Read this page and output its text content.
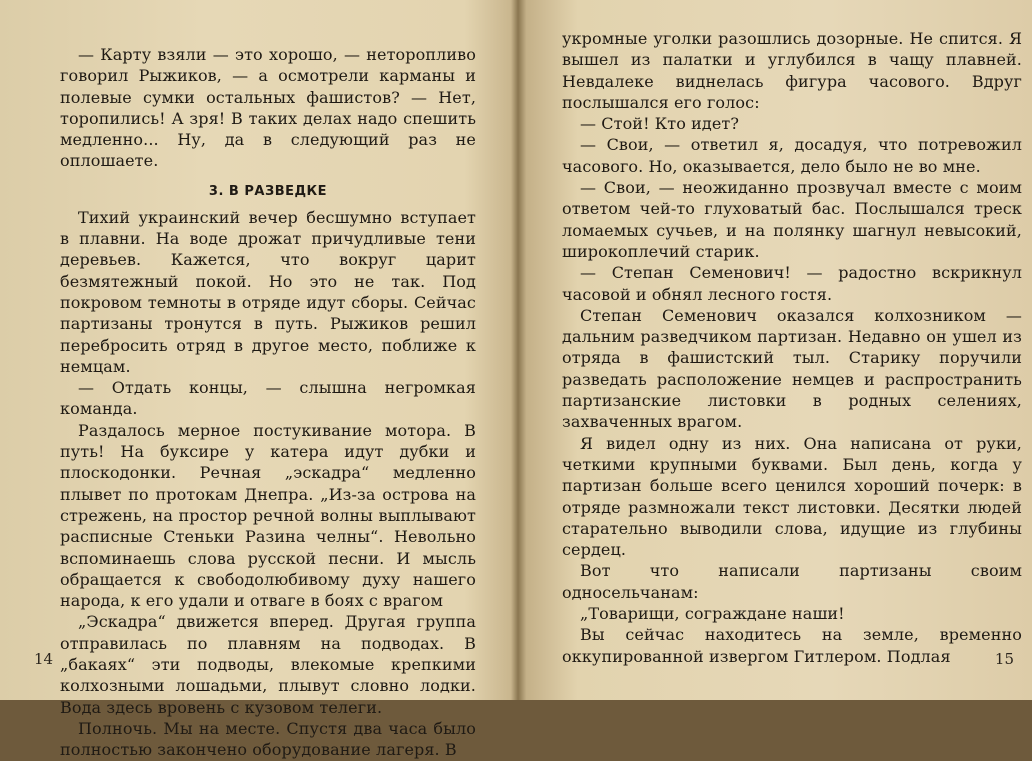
— Карту взяли — это хорошо, — неторопливо говорил Рыжиков, — а осмотрели карманы и полевые сумки остальных фашистов? — Нет, торопились! А зря! В таких делах надо спешить медленно... Ну, да в следующий раз не оплошаете.

3. В РАЗВЕДКЕ

Тихий украинский вечер бесшумно вступает в плавни. На воде дрожат причудливые тени деревьев. Кажется, что вокруг царит безмятежный покой. Но это не так. Под покровом темноты в отряде идут сборы. Сейчас партизаны тронутся в путь. Рыжиков решил перебросить отряд в другое место, поближе к немцам.

— Отдать концы, — слышна негромкая команда.

Раздалось мерное постукивание мотора. В путь! На буксире у катера идут дубки и плоскодонки. Речная „эскадра“ медленно плывет по протокам Днепра. „Из-за острова на стрежень, на простор речной волны выплывают расписные Стеньки Разина челны“. Невольно вспоминаешь слова русской песни. И мысль обращается к свободолюбивому духу нашего народа, к его удали и отваге в боях с врагом

„Эскадра“ движется вперед. Другая группа отправилась по плавням на подводах. В „бакаях“ эти подводы, влекомые крепкими колхозными лошадьми, плывут словно лодки. Вода здесь вровень с кузовом телеги.

Полночь. Мы на месте. Спустя два часа было полностью закончено оборудование лагеря. В

14

укромные уголки разошлись дозорные. Не спится. Я вышел из палатки и углубился в чащу плавней. Невдалеке виднелась фигура часового. Вдруг послышался его голос:

— Стой! Кто идет?

— Свои, — ответил я, досадуя, что потревожил часового. Но, оказывается, дело было не во мне.

— Свои, — неожиданно прозвучал вместе с моим ответом чей-то глуховатый бас. Послышался треск ломаемых сучьев, и на полянку шагнул невысокий, широкоплечий старик.

— Степан Семенович! — радостно вскрикнул часовой и обнял лесного гостя.

Степан Семенович оказался колхозником — дальним разведчиком партизан. Недавно он ушел из отряда в фашистский тыл. Старику поручили разведать расположение немцев и распространить партизанские листовки в родных селениях, захваченных врагом.

Я видел одну из них. Она написана от руки, четкими крупными буквами. Был день, когда у партизан больше всего ценился хороший почерк: в отряде размножали текст листовки. Десятки людей старательно выводили слова, идущие из глубины сердец.

Вот что написали партизаны своим односельчанам:

„Товарищи, сограждане наши!

Вы сейчас находитесь на земле, временно оккупированной извергом Гитлером. Подлая	15
